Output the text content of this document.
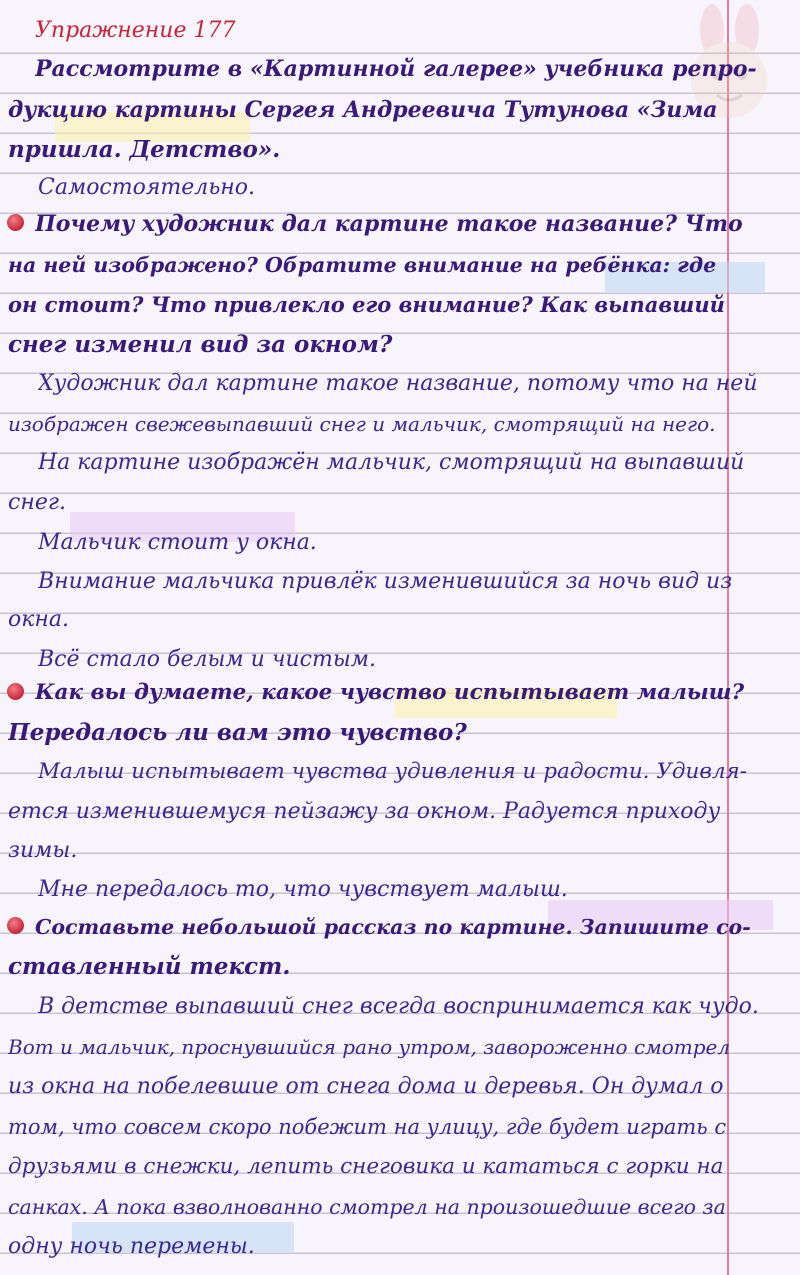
Упражнение 177
Рассмотрите в «Картинной галерее» учебника репро-
дукцию картины Сергея Андреевича Тутунова «Зима
пришла. Детство».
Самостоятельно.
Почему художник дал картине такое название? Что
на ней изображено? Обратите внимание на ребёнка: где
он стоит? Что привлекло его внимание? Как выпавший
снег изменил вид за окном?
Художник дал картине такое название, потому что на ней
изображен свежевыпавший снег и мальчик, смотрящий на него.
На картине изображён мальчик, смотрящий на выпавший
снег.
Мальчик стоит у окна.
Внимание мальчика привлёк изменившийся за ночь вид из
окна.
Всё стало белым и чистым.
Как вы думаете, какое чувство испытывает малыш?
Передалось ли вам это чувство?
Малыш испытывает чувства удивления и радости. Удивля-
ется изменившемуся пейзажу за окном. Радуется приходу
зимы.
Мне передалось то, что чувствует малыш.
Составьте небольшой рассказ по картине. Запишите со-
ставленный текст.
В детстве выпавший снег всегда воспринимается как чудо.
Вот и мальчик, проснувшийся рано утром, завороженно смотрел
из окна на побелевшие от снега дома и деревья. Он думал о
том, что совсем скоро побежит на улицу, где будет играть с
друзьями в снежки, лепить снеговика и кататься с горки на
санках. А пока взволнованно смотрел на произошедшие всего за
одну ночь перемены.
